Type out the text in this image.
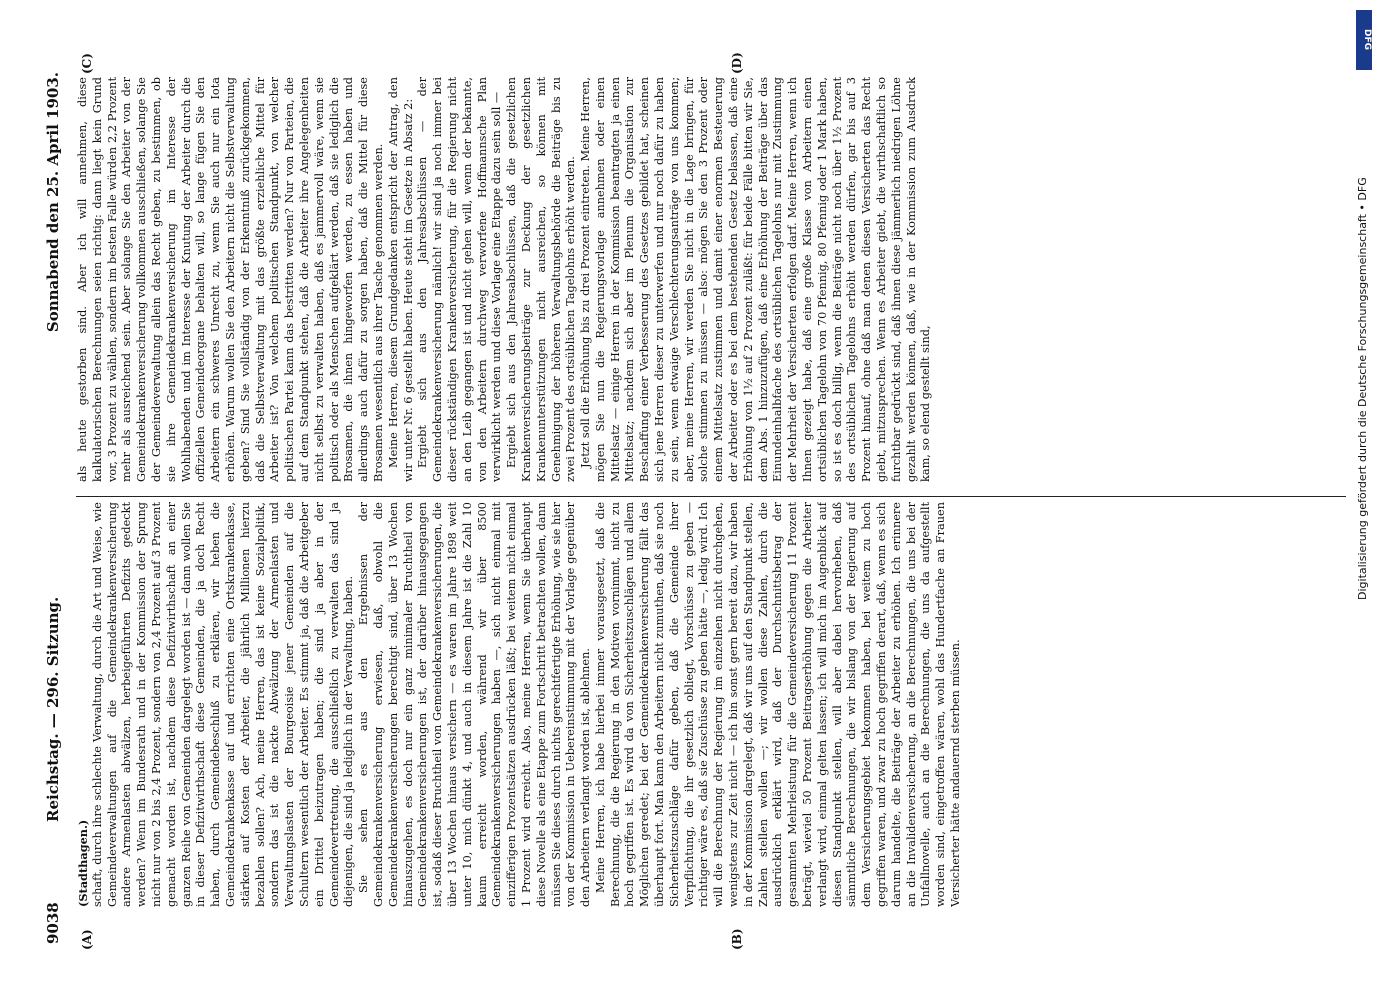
9038
Reichstag. — 296. Sitzung.
Sonnabend den 25. April 1903.
(A)	(B)
(C)	(D)

(Stadthagen.) schaft, durch ihre schlechte Verwaltung, durch die Art und Weise, wie Gemeindeverwaltungen auf die Gemeindekrankenversicherung andere Armenlasten abwälzen, herbeigeführten Defizits gedeckt werden? Wenn im Bundesrath und in der Kommission der Sprung nicht nur von 2 bis 2,4 Prozent, sondern von 2,4 Prozent auf 3 Prozent gemacht worden ist, nachdem diese Defizitwirthschaft an einer ganzen Reihe von Gemeinden dargelegt worden ist — dann wollen Sie in dieser Defizitwirthschaft diese Gemeinden, die ja doch Recht haben, durch Gemeindebeschluß zu erklären, wir heben die Gemeindekrankenkasse auf und errichten eine Ortskrankenkasse, stärken auf Kosten der Arbeiter, die jährlich Millionen hierzu bezahlen sollen? Ach, meine Herren, das ist keine Sozialpolitik, sondern das ist die nackte Abwälzung der Armenlasten und Verwaltungslasten der Bourgeoisie jener Gemeinden auf die Schultern wesentlich der Arbeiter. Es stimmt ja, daß die Arbeitgeber ein Drittel beizutragen haben; die sind ja aber in der Gemeindevertretung, die ausschließlich zu verwalten das sind ja diejenigen, die sind ja lediglich in der Verwaltung, haben. Sie sehen es aus den Ergebnissen der Gemeindekrankenversicherung erwiesen, daß, obwohl die Gemeindekrankenversicherungen berechtigt sind, über 13 Wochen hinauszugehen, es doch nur ein ganz minimaler Bruchtheil von Gemeindekrankenversicherungen ist, der darüber hinausgegangen ist, sodaß dieser Bruchtheil von Gemeindekrankenversicherungen, die über 13 Wochen hinaus versichern — es waren im Jahre 1898 weit unter 10, mich dünkt 4, und auch in diesem Jahre ist die Zahl 10 kaum erreicht worden, während wir über 8500 Gemeindekrankenversicherungen haben —, sich nicht einmal mit einzifferigen Prozentsätzen ausdrücken läßt; bei weitem nicht einmal 1 Prozent wird erreicht. Also, meine Herren, wenn Sie überhaupt diese Novelle als eine Etappe zum Fortschritt betrachten wollen, dann müssen Sie dieses durch nichts gerechtfertigte Erhöhung, wie sie hier von der Kommission in Uebereinstimmung mit der Vorlage gegenüber den Arbeitern verlangt worden ist, ablehnen. Meine Herren, ich habe hierbei immer vorausgesetzt, daß die Berechnung, die die Regierung in den Motiven vornimmt, nicht zu hoch gegriffen ist. Es wird da von Sicherheitszuschlägen und allem Möglichen geredet; bei der Gemeindekrankenversicherung fällt das überhaupt fort. Man kann den Arbeitern nicht zumuthen, daß sie noch Sicherheitszuschläge dafür geben, daß die Gemeinde ihrer Verpflichtung, die ihr gesetzlich obliegt, Vorschüsse zu geben — richtiger wäre es, daß sie Zuschüsse zu geben hätte —, ledig wird. Ich will die Berechnung der Regierung im einzelnen nicht durchgehen, wenigstens zur Zeit nicht — ich bin sonst gern bereit dazu, wir haben in der Kommission dargelegt, daß wir uns auf den Standpunkt stellen, Zahlen stellen wollen —; wir wollen diese Zahlen, durch die ausdrücklich erklärt wird, daß der Durchschnittsbetrag der gesammten Mehrleistung für die Gemeindeversicherung 11 Prozent beträgt, wieviel 50 Prozent Beitragserhöhung gegen die Arbeiter verlangt wird, einmal gelten lassen; ich will mich im Augenblick auf diesen Standpunkt stellen, will aber dabei hervorheben, daß sämmtliche Berechnungen, die wir bislang von der Regierung auf dem Versicherungsgebiet bekommen haben, bei weitem zu hoch gegriffen waren, und zwar zu hoch gegriffen derart, daß, wenn es sich darum handelte, die Beiträge der Arbeiter zu erhöhen. Ich erinnere an die Invalidenversicherung, an die Berechnungen, die uns bei der Unfallnovelle, auch an die Berechnungen, die uns da aufgestellt worden sind, eingetroffen wären, wohl das Hundertfache an Frauen Versicherter hätte andauernd sterben müssen.

als heute gestorben sind. Aber ich will annehmen, diese kalkulatorischen Berechnungen seien richtig: dann liegt kein Grund vor, 3 Prozent zu wählen, sondern im besten Falle würden 2,2 Prozent mehr als ausreichend sein. Aber solange Sie den Arbeiter von der Gemeindekrankenversicherung vollkommen ausschließen, solange Sie der Gemeindeverwaltung allein das Recht geben, zu bestimmen, ob sie ihre Gemeindekrankenversicherung im Interesse der Wohlhabenden und im Interesse der Knutung der Arbeiter durch die offiziellen Gemeindeorgane behalten will, so lange fügen Sie den Arbeitern ein schweres Unrecht zu, wenn Sie auch nur ein Iota erhöhen. Warum wollen Sie den Arbeitern nicht die Selbstverwaltung geben? Sind Sie vollständig von der Erkenntniß zurückgekommen, daß die Selbstverwaltung mit das größte erziehliche Mittel für Arbeiter ist? Von welchem politischen Standpunkt, von welcher politischen Partei kann das bestritten werden? Nur von Parteien, die auf dem Standpunkt stehen, daß die Arbeiter ihre Angelegenheiten nicht selbst zu verwalten haben, daß es jammervoll wäre, wenn sie politisch oder als Menschen aufgeklärt werden, daß sie lediglich die Brosamen, die ihnen hingeworfen werden, zu essen haben und allerdings auch dafür zu sorgen haben, daß die Mittel für diese Brosamen wesentlich aus ihrer Tasche genommen werden. Meine Herren, diesem Grundgedanken entspricht der Antrag, den wir unter Nr. 6 gestellt haben. Heute steht im Gesetze in Absatz 2: Ergiebt sich aus den Jahresabschlüssen — der Gemeindekrankenversicherung nämlich! wir sind ja noch immer bei dieser rückständigen Krankenversicherung, für die Regierung nicht an den Leib gegangen ist und nicht gehen will, wenn der bekannte, von den Arbeitern durchweg verworfene Hoffmannsche Plan verwirklicht werden und diese Vorlage eine Etappe dazu sein soll — Ergiebt sich aus den Jahresabschlüssen, daß die gesetzlichen Krankenversicherungsbeiträge zur Deckung der gesetzlichen Krankenunterstützungen nicht ausreichen, so können mit Genehmigung der höheren Verwaltungsbehörde die Beiträge bis zu zwei Prozent des ortsüblichen Tagelohns erhöht werden. Jetzt soll die Erhöhung bis zu drei Prozent eintreten. Meine Herren, mögen Sie nun die Regierungsvorlage annehmen oder einen Mittelsatz — einige Herren in der Kommission beantragten ja einen Mittelsatz; nachdem sich aber im Plenum die Organisation zur Beschaffung einer Verbesserung des Gesetzes gebildet hat, scheinen sich jene Herren dieser zu unterwerfen und nur noch dafür zu haben zu sein, wenn etwaige Verschlechterungsanträge von uns kommen; aber, meine Herren, wir werden Sie nicht in die Lage bringen, für solche stimmen zu müssen — also: mögen Sie den 3 Prozent oder einem Mittelsatz zustimmen und damit einer enormen Besteuerung der Arbeiter oder es bei dem bestehenden Gesetz belassen, daß eine Erhöhung von 1½ auf 2 Prozent zuläßt: für beide Fälle bitten wir Sie, dem Abs. 1 hinzuzufügen, daß eine Erhöhung der Beiträge über das Einundeinhalbfache des ortsüblichen Tagelohns nur mit Zustimmung der Mehrheit der Versicherten erfolgen darf. Meine Herren, wenn ich Ihnen gezeigt habe, daß eine große Klasse von Arbeitern einen ortsüblichen Tagelohn von 70 Pfennig, 80 Pfennig oder 1 Mark haben, so ist es doch billig, wenn die Beiträge nicht noch über 1½ Prozent des ortsüblichen Tagelohns erhöht werden dürfen, gar bis auf 3 Prozent hinauf, ohne daß man denen diesen Versicherten das Recht giebt, mitzusprechen. Wenn es Arbeiter giebt, die wirthschaftlich so furchtbar gedrückt sind, daß ihnen diese jämmerlich niedrigen Löhne gezahlt werden können, daß, wie in der Kommission zum Ausdruck kam, so elend gestellt sind,

DFG
Digitalisierung gefördert durch die Deutsche Forschungsgemeinschaft • DFG
